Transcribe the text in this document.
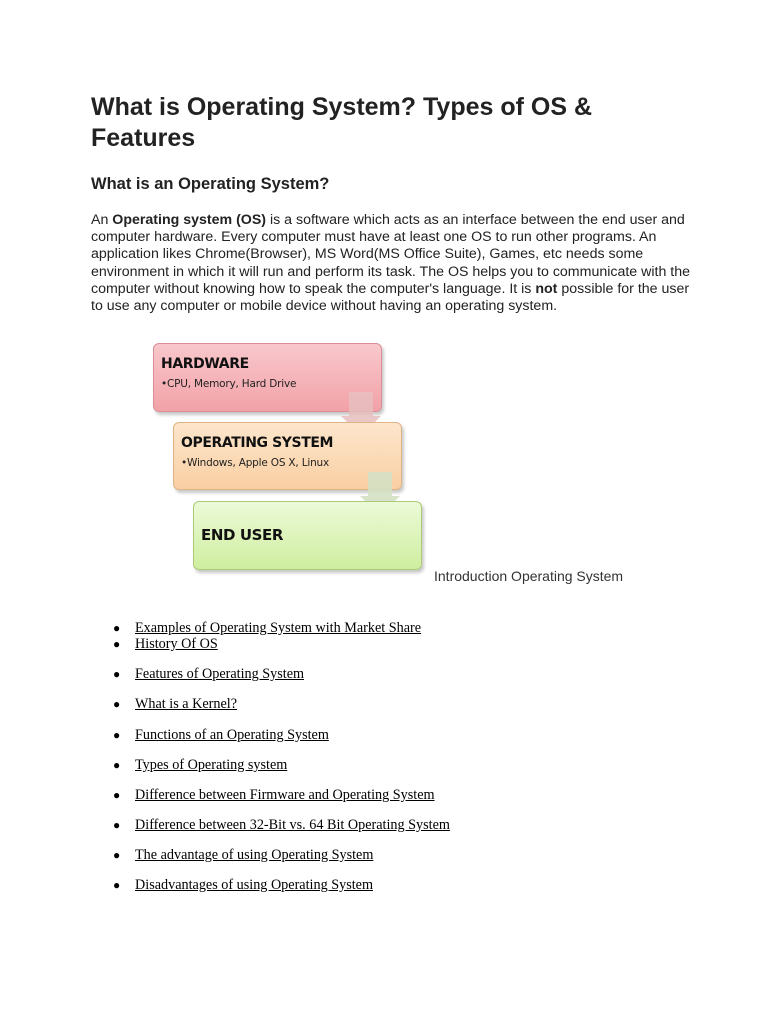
What is Operating System? Types of OS & Features
What is an Operating System?

An Operating system (OS) is a software which acts as an interface between the end user and computer hardware. Every computer must have at least one OS to run other programs. An application likes Chrome(Browser), MS Word(MS Office Suite), Games, etc needs some environment in which it will run and perform its task. The OS helps you to communicate with the computer without knowing how to speak the computer's language. It is not possible for the user to use any computer or mobile device without having an operating system.

HARDWARE
•CPU, Memory, Hard Drive
OPERATING SYSTEM
•Windows, Apple OS X, Linux
END USER

Introduction Operating System

● Examples of Operating System with Market Share
● History Of OS
● Features of Operating System
● What is a Kernel?
● Functions of an Operating System
● Types of Operating system
● Difference between Firmware and Operating System
● Difference between 32-Bit vs. 64 Bit Operating System
● The advantage of using Operating System
● Disadvantages of using Operating System
